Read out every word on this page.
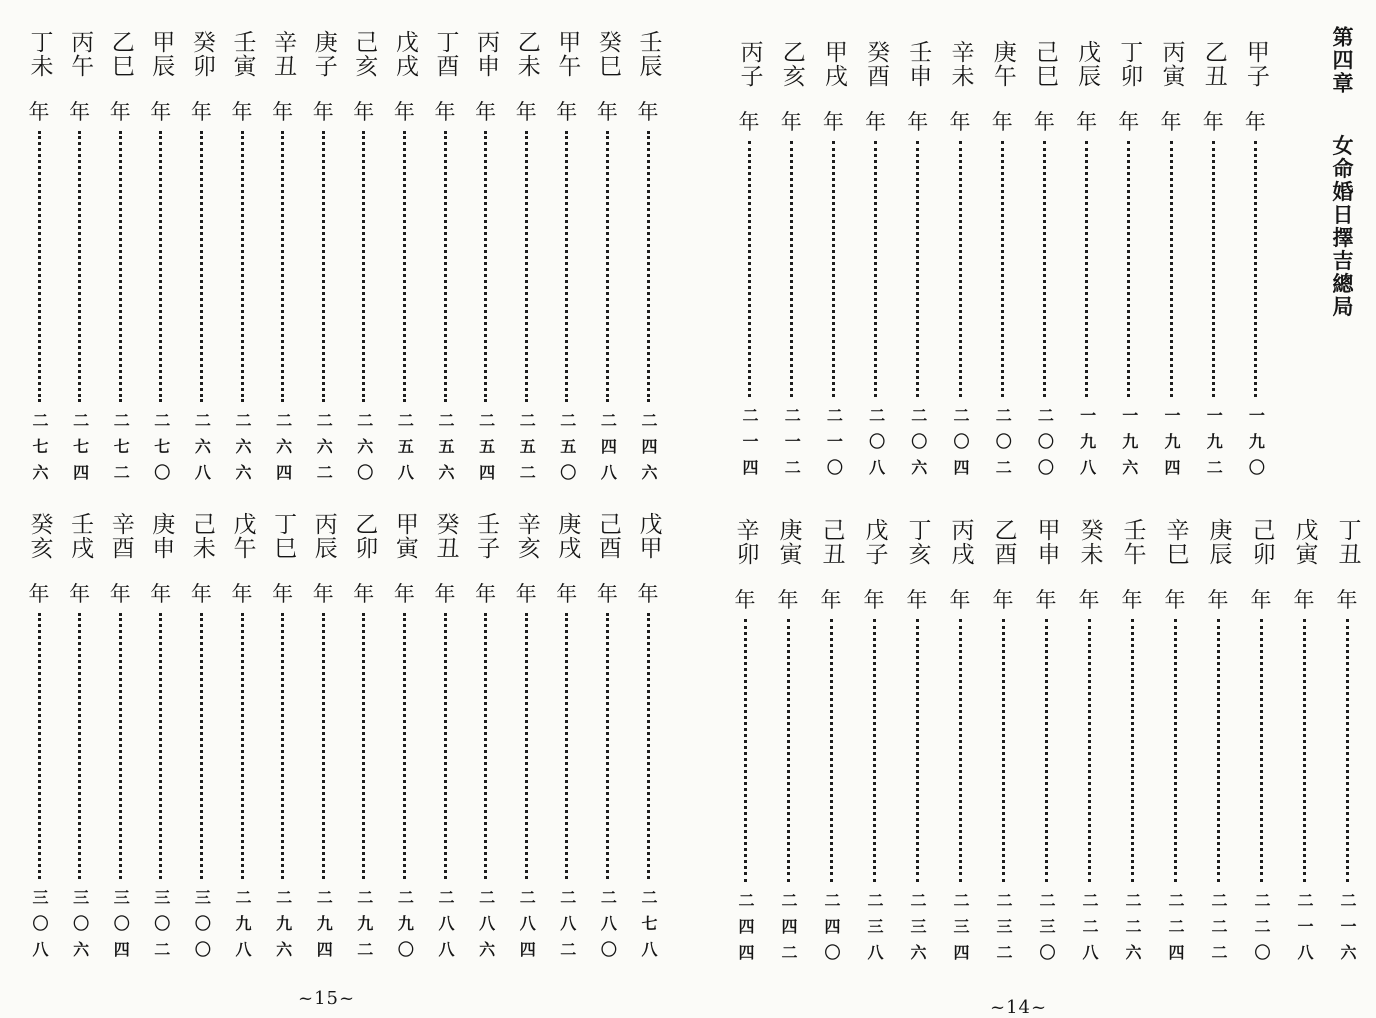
丁未
年
二七六
丙午
年
二七四
乙巳
年
二七二
甲辰
年
二七〇
癸卯
年
二六八
壬寅
年
二六六
辛丑
年
二六四
庚子
年
二六二
己亥
年
二六〇
戊戌
年
二五八
丁酉
年
二五六
丙申
年
二五四
乙未
年
二五二
甲午
年
二五〇
癸巳
年
二四八
壬辰
年
二四六
癸亥
年
三〇八
壬戌
年
三〇六
辛酉
年
三〇四
庚申
年
三〇二
己未
年
三〇〇
戊午
年
二九八
丁巳
年
二九六
丙辰
年
二九四
乙卯
年
二九二
甲寅
年
二九〇
癸丑
年
二八八
壬子
年
二八六
辛亥
年
二八四
庚戌
年
二八二
己酉
年
二八〇
戊甲
年
二七八
丙子
年
二一四
乙亥
年
二一二
甲戌
年
二一〇
癸酉
年
二〇八
壬申
年
二〇六
辛未
年
二〇四
庚午
年
二〇二
己巳
年
二〇〇
戊辰
年
一九八
丁卯
年
一九六
丙寅
年
一九四
乙丑
年
一九二
甲子
年
一九〇
辛卯
年
二四四
庚寅
年
二四二
己丑
年
二四〇
戊子
年
二三八
丁亥
年
二三六
丙戌
年
二三四
乙酉
年
二三二
甲申
年
二三〇
癸未
年
二二八
壬午
年
二二六
辛巳
年
二二四
庚辰
年
二二二
己卯
年
二二〇
戊寅
年
二一八
丁丑
年
二一六
第四章 女命婚日擇吉總局
~15~	~14~
